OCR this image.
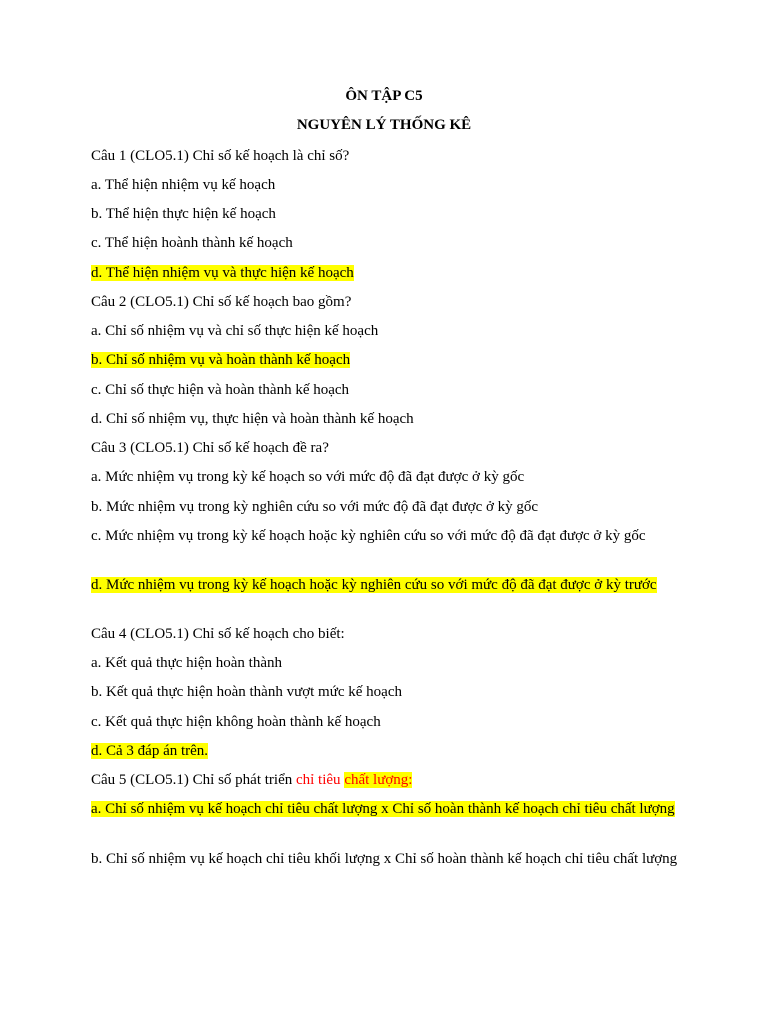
ÔN TẬP C5
NGUYÊN LÝ THỐNG KÊ
Câu 1 (CLO5.1) Chỉ số kế hoạch là chỉ số?
a. Thể hiện nhiệm vụ kế hoạch
b. Thể hiện thực hiện kế hoạch
c. Thể hiện hoành thành kế hoạch
d. Thể hiện nhiệm vụ và thực hiện kế hoạch
Câu 2 (CLO5.1) Chỉ số kế hoạch bao gồm?
a. Chỉ số nhiệm vụ và chỉ số thực hiện kế hoạch
b. Chỉ số nhiệm vụ và hoàn thành kế hoạch
c. Chỉ số thực hiện và hoàn thành kế hoạch
d. Chỉ số nhiệm vụ, thực hiện và hoàn thành kế hoạch
Câu 3 (CLO5.1) Chỉ số kế hoạch đề ra?
a. Mức nhiệm vụ trong kỳ kế hoạch so với mức độ đã đạt được ở kỳ gốc
b. Mức nhiệm vụ trong kỳ nghiên cứu so với mức độ đã đạt được ở kỳ gốc
c. Mức nhiệm vụ trong kỳ kế hoạch hoặc kỳ nghiên cứu so với mức độ đã đạt được ở kỳ gốc
d. Mức nhiệm vụ trong kỳ kế hoạch hoặc kỳ nghiên cứu so với mức độ đã đạt được ở kỳ trước
Câu 4 (CLO5.1) Chỉ số kế hoạch cho biết:
a. Kết quả thực hiện hoàn thành
b. Kết quả thực hiện hoàn thành vượt mức kế hoạch
c. Kết quả thực hiện không hoàn thành kế hoạch
d. Cả 3 đáp án trên.
Câu 5 (CLO5.1) Chỉ số phát triển chỉ tiêu chất lượng:
a. Chỉ số nhiệm vụ kế hoạch chỉ tiêu chất lượng x Chỉ số hoàn thành kế hoạch chỉ tiêu chất lượng
b. Chỉ số nhiệm vụ kế hoạch chỉ tiêu khối lượng x Chỉ số hoàn thành kế hoạch chỉ tiêu chất lượng
